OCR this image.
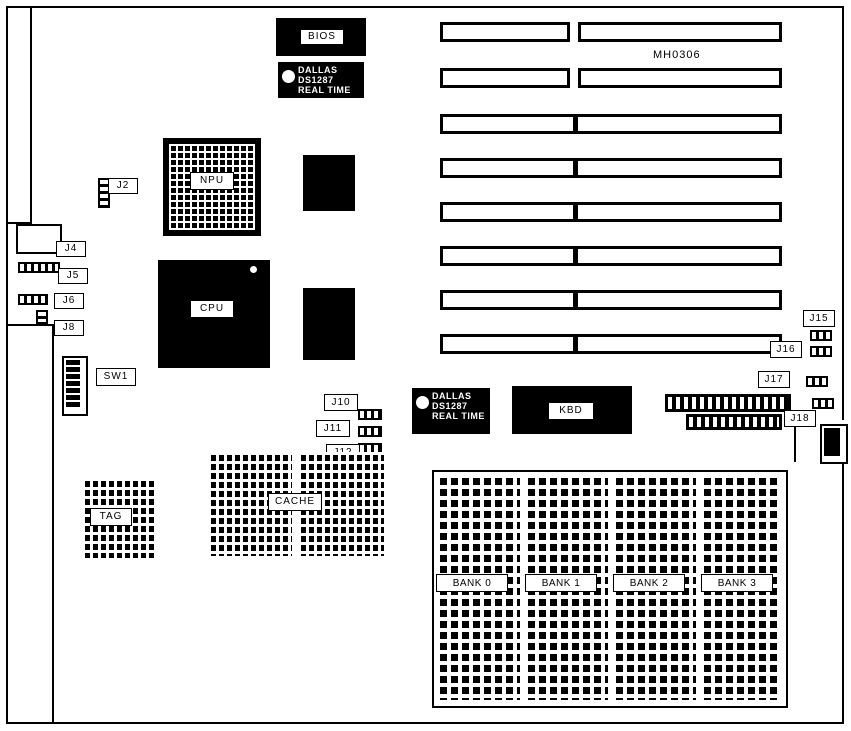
BIOS
DALLAS
DS1287
REAL TIME
MH0306
NPU
CPU
J2
J4
J5
J6
J8
SW1
J10
J11
DALLAS
DS1287
REAL TIME	KBD
J15
J16
J17
J18
TAG
CACHE
BANK 0	BANK 1	BANK 2	BANK 3
